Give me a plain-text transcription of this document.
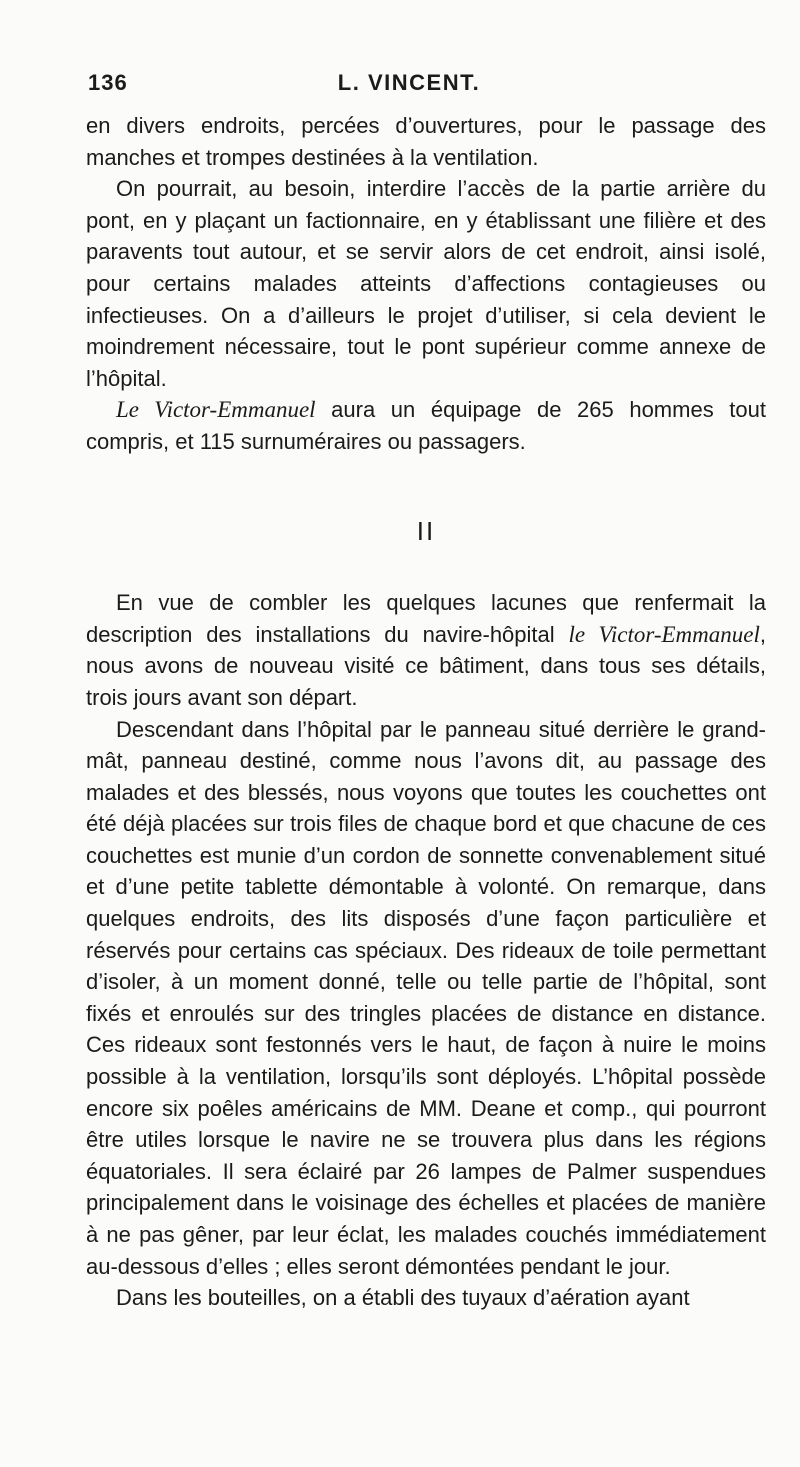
136	L. VINCENT.

en divers endroits, percées d’ouvertures, pour le passage des manches et trompes destinées à la ventilation.

On pourrait, au besoin, interdire l’accès de la partie arrière du pont, en y plaçant un factionnaire, en y établissant une filière et des paravents tout autour, et se servir alors de cet endroit, ainsi isolé, pour certains malades atteints d’affections contagieuses ou infectieuses. On a d’ailleurs le projet d’utiliser, si cela devient le moindrement nécessaire, tout le pont supérieur comme annexe de l’hôpital.

Le Victor-Emmanuel aura un équipage de 265 hommes tout compris, et 115 surnuméraires ou passagers.

II

En vue de combler les quelques lacunes que renfermait la description des installations du navire-hôpital le Victor-Emmanuel, nous avons de nouveau visité ce bâtiment, dans tous ses détails, trois jours avant son départ.

Descendant dans l’hôpital par le panneau situé derrière le grand-mât, panneau destiné, comme nous l’avons dit, au passage des malades et des blessés, nous voyons que toutes les couchettes ont été déjà placées sur trois files de chaque bord et que chacune de ces couchettes est munie d’un cordon de sonnette convenablement situé et d’une petite tablette démontable à volonté. On remarque, dans quelques endroits, des lits disposés d’une façon particulière et réservés pour certains cas spéciaux. Des rideaux de toile permettant d’isoler, à un moment donné, telle ou telle partie de l’hôpital, sont fixés et enroulés sur des tringles placées de distance en distance. Ces rideaux sont festonnés vers le haut, de façon à nuire le moins possible à la ventilation, lorsqu’ils sont déployés. L’hôpital possède encore six poêles américains de MM. Deane et comp., qui pourront être utiles lorsque le navire ne se trouvera plus dans les régions équatoriales. Il sera éclairé par 26 lampes de Palmer suspendues principalement dans le voisinage des échelles et placées de manière à ne pas gêner, par leur éclat, les malades couchés immédiatement au-dessous d’elles ; elles seront démontées pendant le jour.

Dans les bouteilles, on a établi des tuyaux d’aération ayant
